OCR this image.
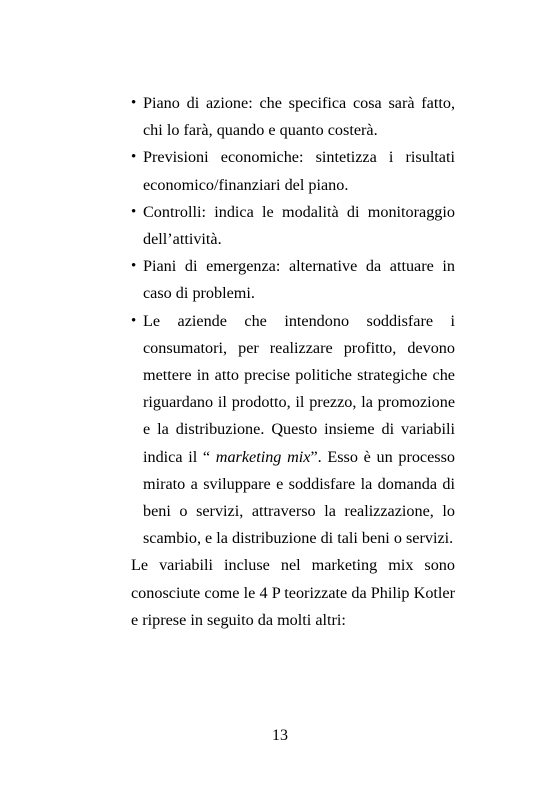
• Piano di azione: che specifica cosa sarà fatto, chi lo farà, quando e quanto costerà.
• Previsioni economiche: sintetizza i risultati economico/finanziari del piano.
• Controlli: indica le modalità di monitoraggio dell’attività.
• Piani di emergenza: alternative da attuare in caso di problemi.
• Le aziende che intendono soddisfare i consumatori, per realizzare profitto, devono mettere in atto precise politiche strategiche che riguardano il prodotto, il prezzo, la promozione e la distribuzione. Questo insieme di variabili indica il “ marketing mix”. Esso è un processo mirato a sviluppare e soddisfare la domanda di beni o servizi, attraverso la realizzazione, lo scambio, e la distribuzione di tali beni o servizi.

Le variabili incluse nel marketing mix sono conosciute come le 4 P teorizzate da Philip Kotler e riprese in seguito da molti altri:

13
